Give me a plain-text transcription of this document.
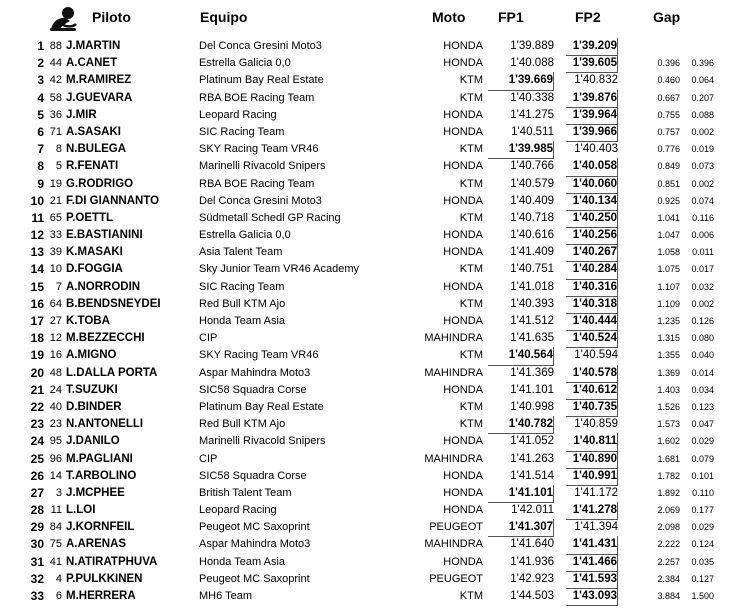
Piloto	Equipo	Moto FP1	FP2	Gap
1 88 J.MARTIN	Del Conca Gresini Moto3	HONDA	1'39.889	1'39.209
2 44 A.CANET	Estrella Galicia 0,0	HONDA	1'40.088	1'39.605	0.396	0.396
3 42 M.RAMIREZ	Platinum Bay Real Estate	KTM	1'39.669	1'40.832	0.460	0.064
4 58 J.GUEVARA	RBA BOE Racing Team	KTM	1'40.338	1'39.876	0.667	0.207
5 36 J.MIR	Leopard Racing	HONDA	1'41.275	1'39.964	0.755	0.088
6 71 A.SASAKI	SIC Racing Team	HONDA	1'40.511	1'39.966	0.757	0.002
7	8 N.BULEGA	SKY Racing Team VR46	KTM	1'39.985	1'40.403	0.776	0.019
8	5 R.FENATI	Marinelli Rivacold Snipers	HONDA	1'40.766	1'40.058	0.849	0.073
9 19 G.RODRIGO	RBA BOE Racing Team	KTM	1'40.579	1'40.060	0.851	0.002
10 21 F.DI GIANNANTO	Del Conca Gresini Moto3	HONDA	1'40.409	1'40.134	0.925	0.074
11 65 P.OETTL	Südmetall Schedl GP Racing	KTM	1'40.718	1'40.250	1.041	0.116
12 33 E.BASTIANINI	Estrella Galicia 0,0	HONDA	1'40.616	1'40.256	1.047	0.006
13 39 K.MASAKI	Asia Talent Team	HONDA	1'41.409	1'40.267	1.058	0.011
14 10 D.FOGGIA	Sky Junior Team VR46 Academy	KTM	1'40.751	1'40.284	1.075	0.017
15	7 A.NORRODIN	SIC Racing Team	HONDA	1'41.018	1'40.316	1.107	0.032
16 64 B.BENDSNEYDEI	Red Bull KTM Ajo	KTM	1'40.393	1'40.318	1.109	0.002
17 27 K.TOBA	Honda Team Asia	HONDA	1'41.512	1'40.444	1.235	0.126
18 12 M.BEZZECCHI	CIP	MAHINDRA	1'41.635	1'40.524	1.315	0.080
19 16 A.MIGNO	SKY Racing Team VR46	KTM	1'40.564	1'40.594	1.355	0.040
20 48 L.DALLA PORTA	Aspar Mahindra Moto3	MAHINDRA	1'41.369	1'40.578	1.369	0.014
21 24 T.SUZUKI	SIC58 Squadra Corse	HONDA	1'41.101	1'40.612	1.403	0.034
22 40 D.BINDER	Platinum Bay Real Estate	KTM	1'40.998	1'40.735	1.526	0.123
23 23 N.ANTONELLI	Red Bull KTM Ajo	KTM	1'40.782	1'40.859	1.573	0.047
24 95 J.DANILO	Marinelli Rivacold Snipers	HONDA	1'41.052	1'40.811	1.602	0.029
25 96 M.PAGLIANI	CIP	MAHINDRA	1'41.263	1'40.890	1.681	0.079
26 14 T.ARBOLINO	SIC58 Squadra Corse	HONDA	1'41.514	1'40.991	1.782	0.101
27	3 J.MCPHEE	British Talent Team	HONDA	1'41.101	1'41.172	1.892	0.110
28 11 L.LOI	Leopard Racing	HONDA	1'42.011	1'41.278	2.069	0.177
29 84 J.KORNFEIL	Peugeot MC Saxoprint	PEUGEOT	1'41.307	1'41.394	2.098	0.029
30 75 A.ARENAS	Aspar Mahindra Moto3	MAHINDRA	1'41.640	1'41.431	2.222	0.124
31 41 N.ATIRATPHUVA	Honda Team Asia	HONDA	1'41.936	1'41.466	2.257	0.035
32	4 P.PULKKINEN	Peugeot MC Saxoprint	PEUGEOT	1'42.923	1'41.593	2.384	0.127
33	6 M.HERRERA	MH6 Team	KTM	1'44.503	1'43.093	3.884	1.500
